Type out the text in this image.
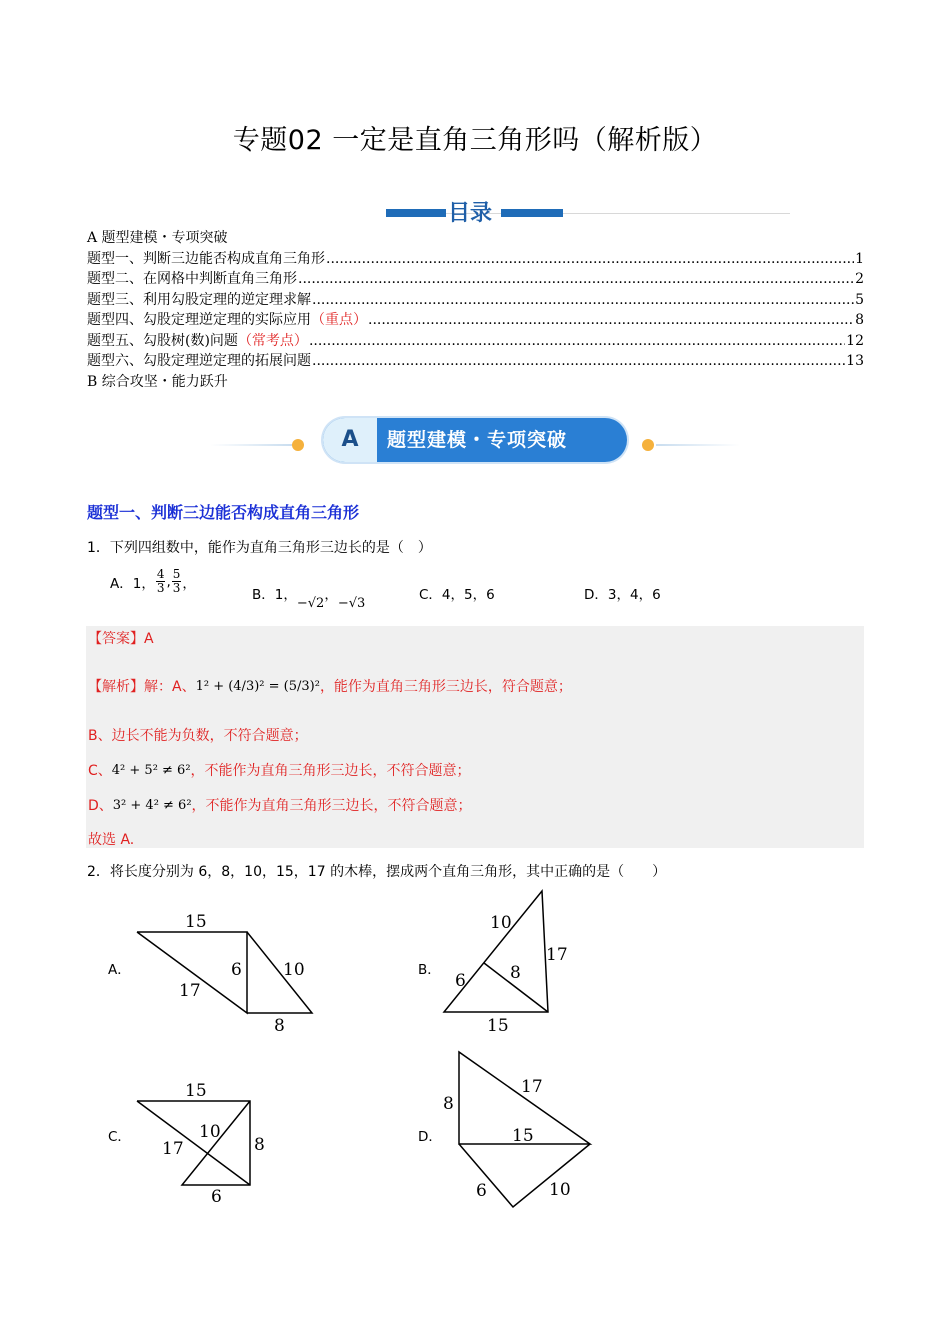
专题02 一定是直角三角形吗（解析版）
目录
A 题型建模・专项突破
题型一、判断三边能否构成直角三角形 .....	1
题型二、在网格中判断直角三角形 .....	2
题型三、利用勾股定理的逆定理求解 .....	5
题型四、勾股定理逆定理的实际应用 （重点） .....	8
题型五、勾股树(数)问题 （常考点） .....	12
题型六、勾股定理逆定理的拓展问题 .....	13
B 综合攻坚・能力跃升
A	题型建模・专项突破
题型一、判断三边能否构成直角三角形
1．下列四组数中，能作为直角三角形三边长的是（　）
A．1， $\frac{4}{3}$ , $\frac{5}{3}$ ，
B．1，−√2，−√3
C．4，5，6	D．3，4，6
【答案】A
【解析】 解：A、 1² + (4/3)² = (5/3)² ，能作为直角三角形三边长，符合题意；
B、边长不能为负数，不符合题意；
C、 4² + 5² ≠ 6² ，不能作为直角三角形三边长，不符合题意；
D、 3² + 4² ≠ 6² ，不能作为直角三角形三边长，不符合题意；
故选 A.
2．将长度分别为 6，8，10，15，17 的木棒，摆成两个直角三角形，其中正确的是（　　）
A．	B．
C．	D．
15
6 10
17
8
10
17
8
6
15
15
10
8
17
6
17
8
15
6	10
